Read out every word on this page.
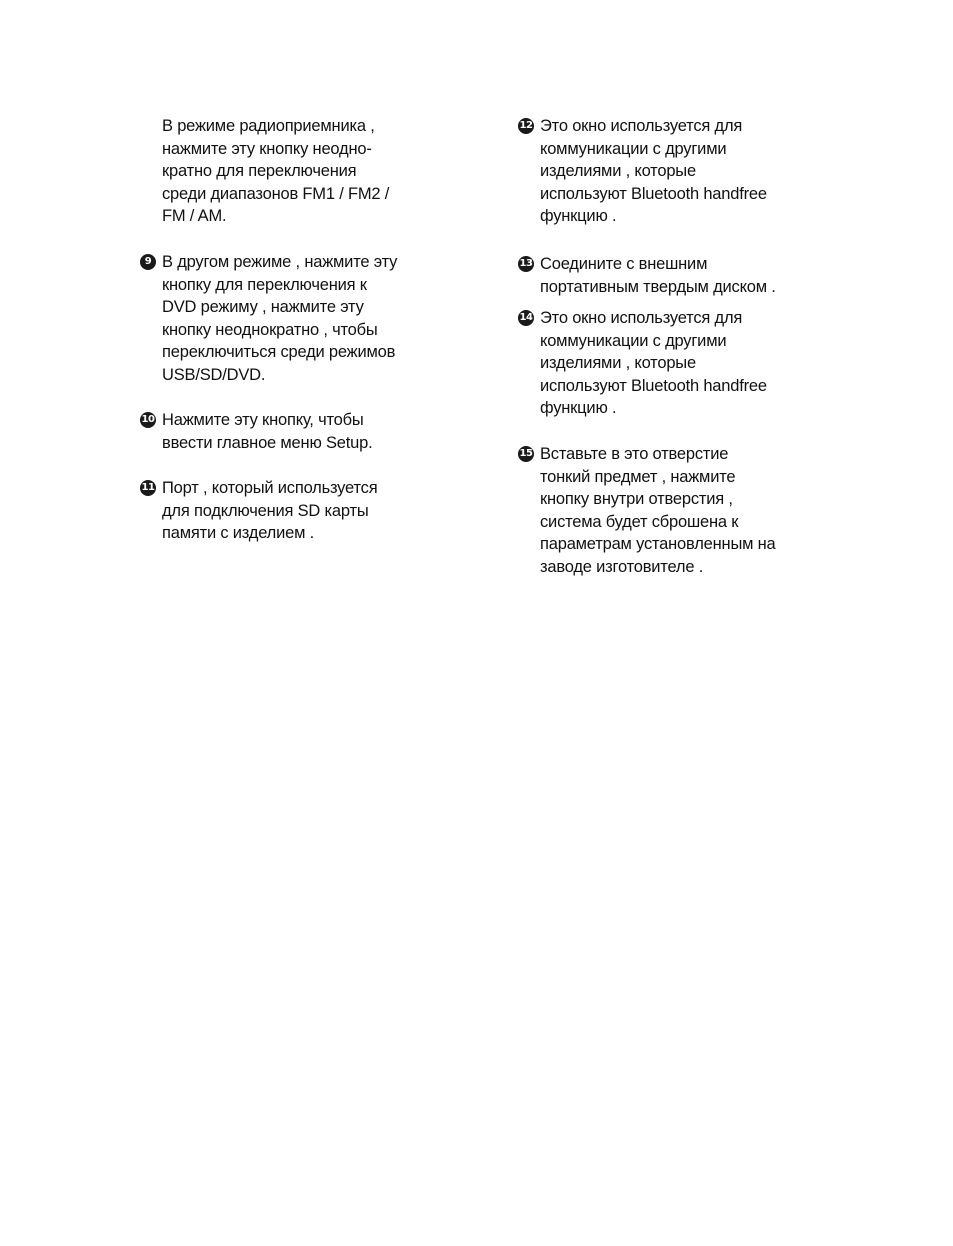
В режиме радиоприемника ,
нажмите эту кнопку неодно-
кратно для переключения
среди диапазонов FM1 / FM2 /
FM / AM.
9 В другом режиме , нажмите эту
кнопку для переключения к
DVD режиму , нажмите эту
кнопку неоднократно , чтобы
переключиться среди режимов
USB/SD/DVD.
10 Нажмите эту кнопку, чтобы
ввести главное меню Setup.
11 Порт , который используется
для подключения SD карты
памяти с изделием .
12 Это окно используется для
коммуникации с другими
изделиями , которые
используют Bluetooth handfree
функцию .
13 Соедините с внешним
портативным твердым диском .
14 Это окно используется для
коммуникации с другими
изделиями , которые
используют Bluetooth handfree
функцию .
15 Вставьте в это отверстие
тонкий предмет , нажмите
кнопку внутри отверстия ,
система будет сброшена к
параметрам установленным на
заводе изготовителе .
